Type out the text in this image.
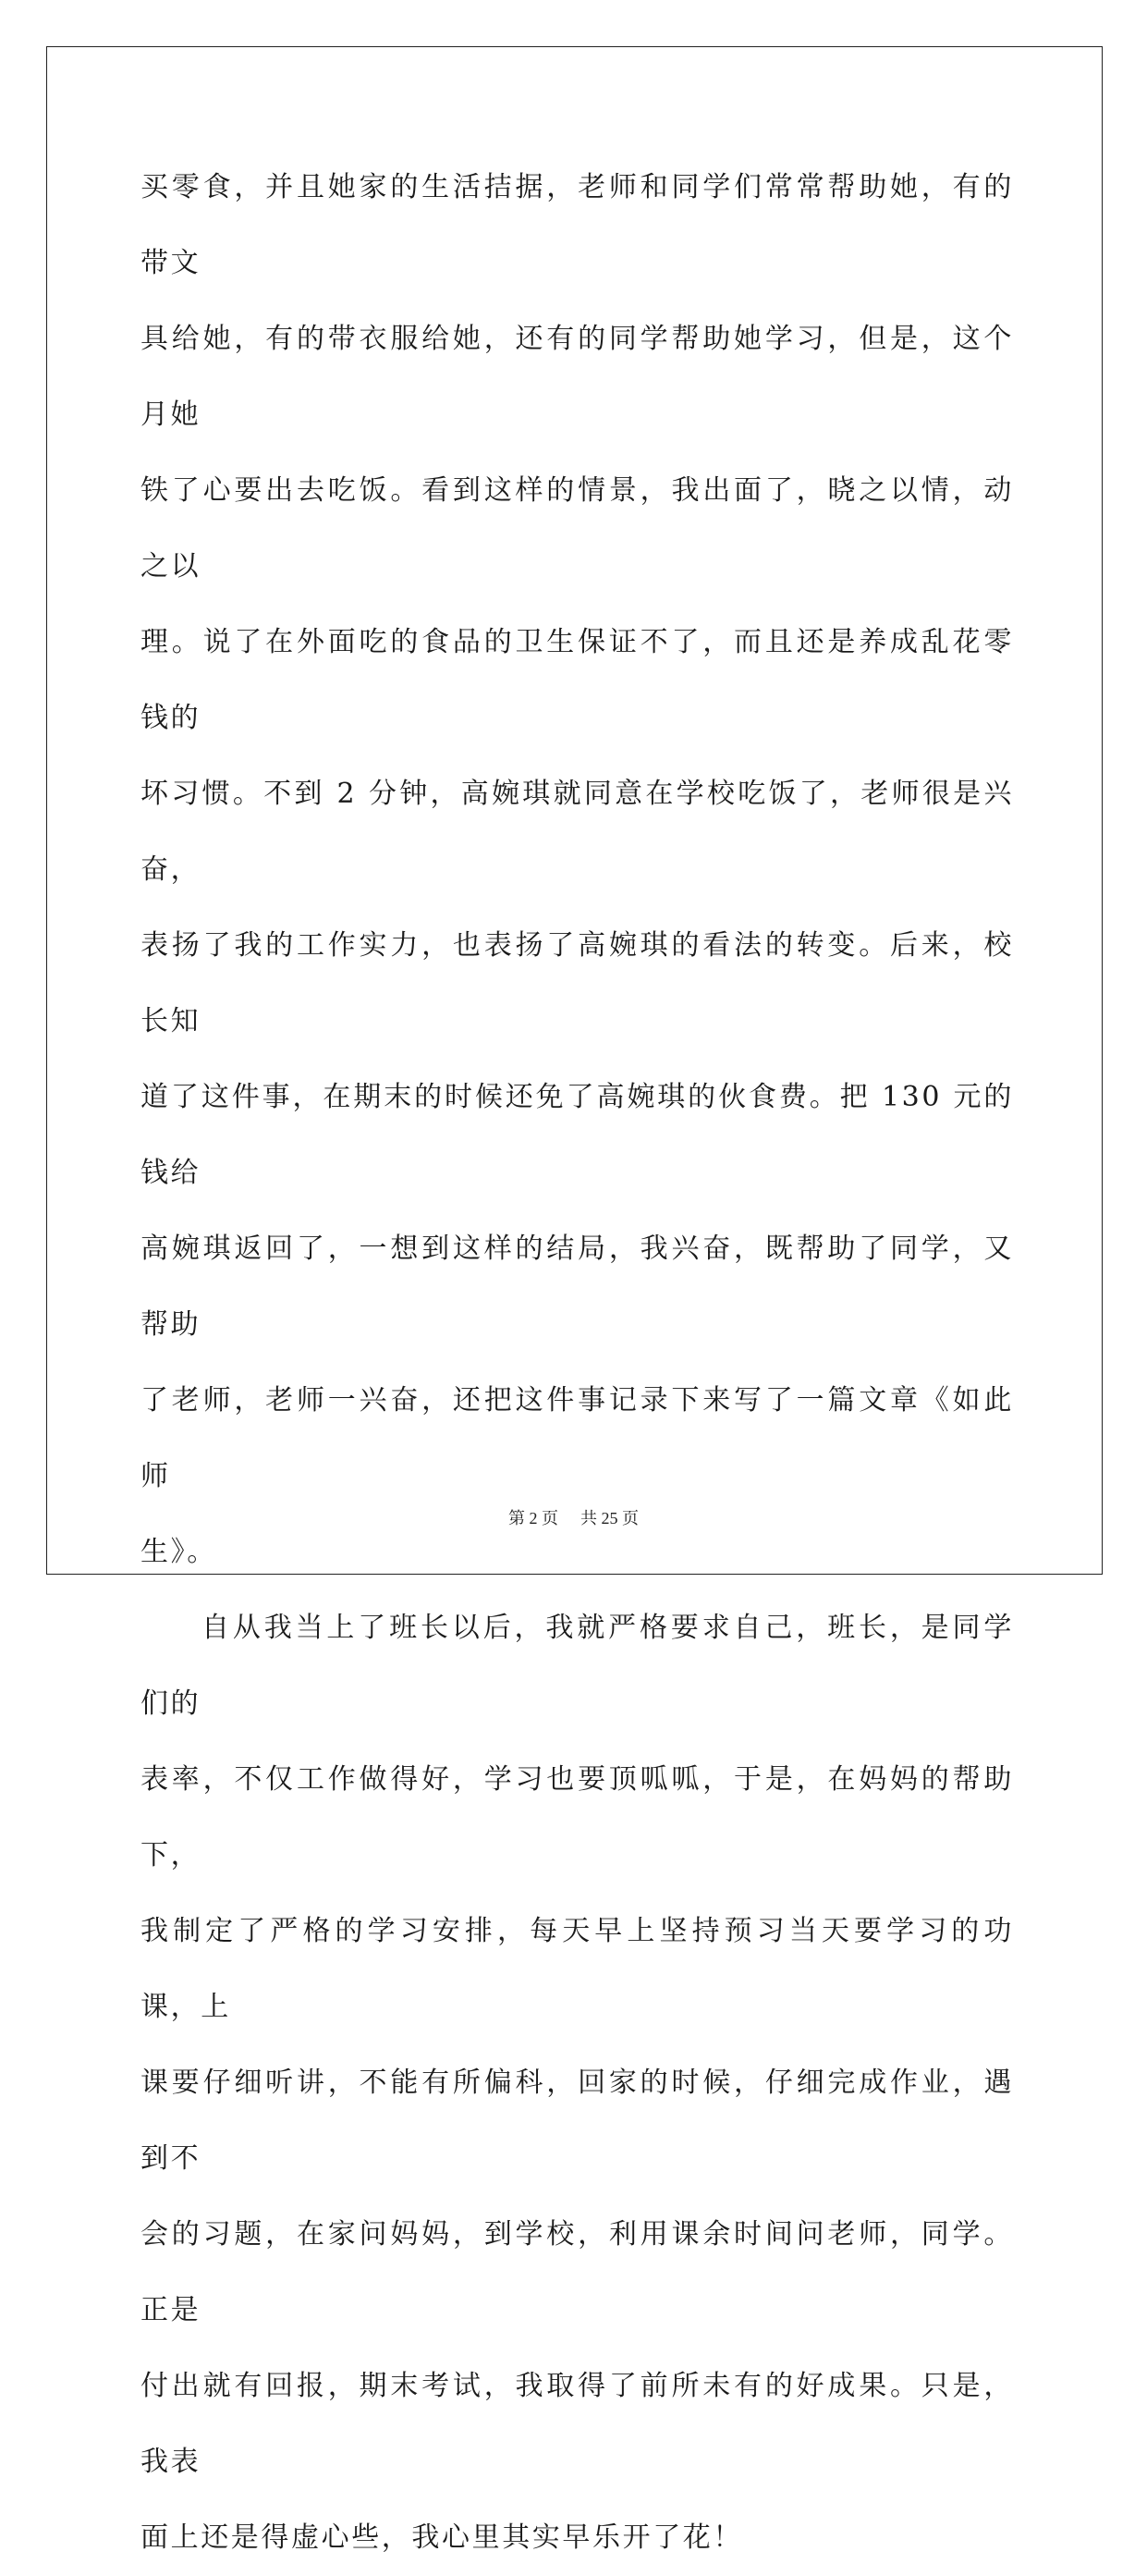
买零食，并且她家的生活拮据，老师和同学们常常帮助她，有的带文

具给她，有的带衣服给她，还有的同学帮助她学习，但是，这个月她

铁了心要出去吃饭。看到这样的情景，我出面了，晓之以情，动之以

理。说了在外面吃的食品的卫生保证不了，而且还是养成乱花零钱的

坏习惯。不到 2 分钟，高婉琪就同意在学校吃饭了，老师很是兴奋，

表扬了我的工作实力，也表扬了高婉琪的看法的转变。后来，校长知

道了这件事，在期末的时候还免了高婉琪的伙食费。把 130 元的钱给

高婉琪返回了，一想到这样的结局，我兴奋，既帮助了同学，又帮助

了老师，老师一兴奋，还把这件事记录下来写了一篇文章《如此师

生》。

自从我当上了班长以后，我就严格要求自己，班长，是同学们的

表率，不仅工作做得好，学习也要顶呱呱，于是，在妈妈的帮助下，

我制定了严格的学习安排，每天早上坚持预习当天要学习的功课，上

课要仔细听讲，不能有所偏科，回家的时候，仔细完成作业，遇到不

会的习题，在家问妈妈，到学校，利用课余时间问老师，同学。正是

付出就有回报，期末考试，我取得了前所未有的好成果。只是，我表

面上还是得虚心些，我心里其实早乐开了花！

第 2 页 共 25 页
